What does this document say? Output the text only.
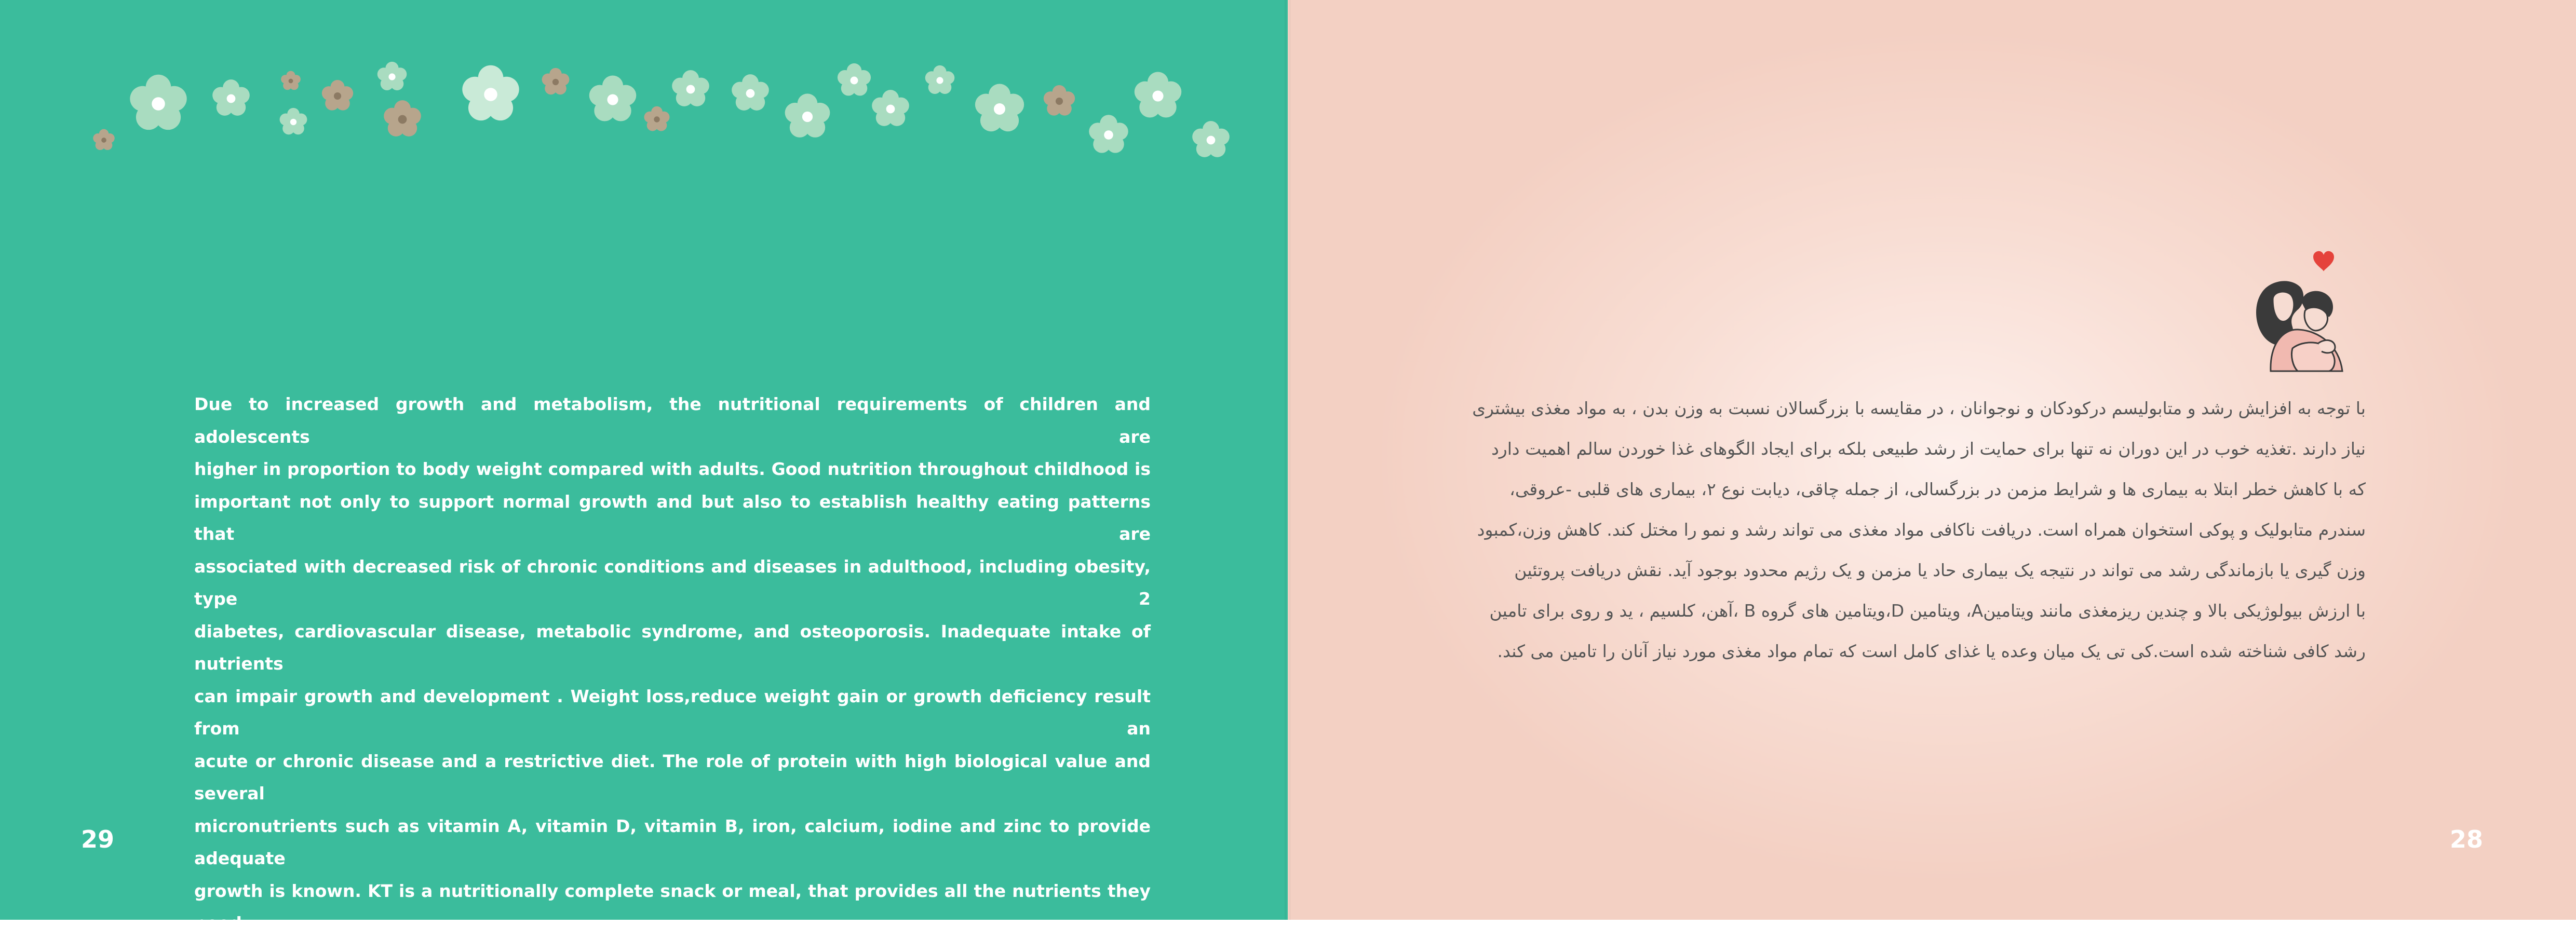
Due to increased growth and metabolism, the nutritional requirements of children and adolescents are
higher in proportion to body weight compared with adults. Good nutrition throughout childhood is
important not only to support normal growth and but also to establish healthy eating patterns that are
associated with decreased risk of chronic conditions and diseases in adulthood, including obesity, type 2
diabetes, cardiovascular disease, metabolic syndrome, and osteoporosis. Inadequate intake of nutrients
can impair growth and development . Weight loss,reduce weight gain or growth deficiency result from an
acute or chronic disease and a restrictive diet. The role of protein with high biological value and several
micronutrients such as vitamin A, vitamin D, vitamin B, iron, calcium, iodine and zinc to provide adequate
growth is known. KT is a nutritionally complete snack or meal, that provides all the nutrients they need.

29

با توجه به افزایش رشد و متابولیسم درکودکان و نوجوانان ، در مقایسه با بزرگسالان نسبت به وزن بدن ، به مواد مغذی بیشتری
نیاز دارند .تغذیه خوب در این دوران نه تنها برای حمایت از رشد طبیعی بلکه برای ایجاد الگوهای غذا خوردن سالم اهمیت دارد
که با کاهش خطر ابتلا به بیماری ها و شرایط مزمن در بزرگسالی، از جمله چاقی، دیابت نوع ۲، بیماری های قلبی -عروقی،
سندرم متابولیک و پوکی استخوان همراه است. دریافت ناکافی مواد مغذی می تواند رشد و نمو را مختل کند. کاهش وزن،کمبود
وزن گیری یا بازماندگی رشد می تواند در نتیجه یک بیماری حاد یا مزمن و یک رژیم محدود بوجود آید. نقش دریافت پروتئین
با ارزش بیولوژیکی بالا و چندین ریزمغذی مانند ویتامینA، ویتامین D،ویتامین های گروه B ،آهن، کلسیم ، ید و روی برای تامین
رشد کافی شناخته شده است.کی تی یک میان وعده یا غذای کامل است که تمام مواد مغذی مورد نیاز آنان را تامین می کند.

28
